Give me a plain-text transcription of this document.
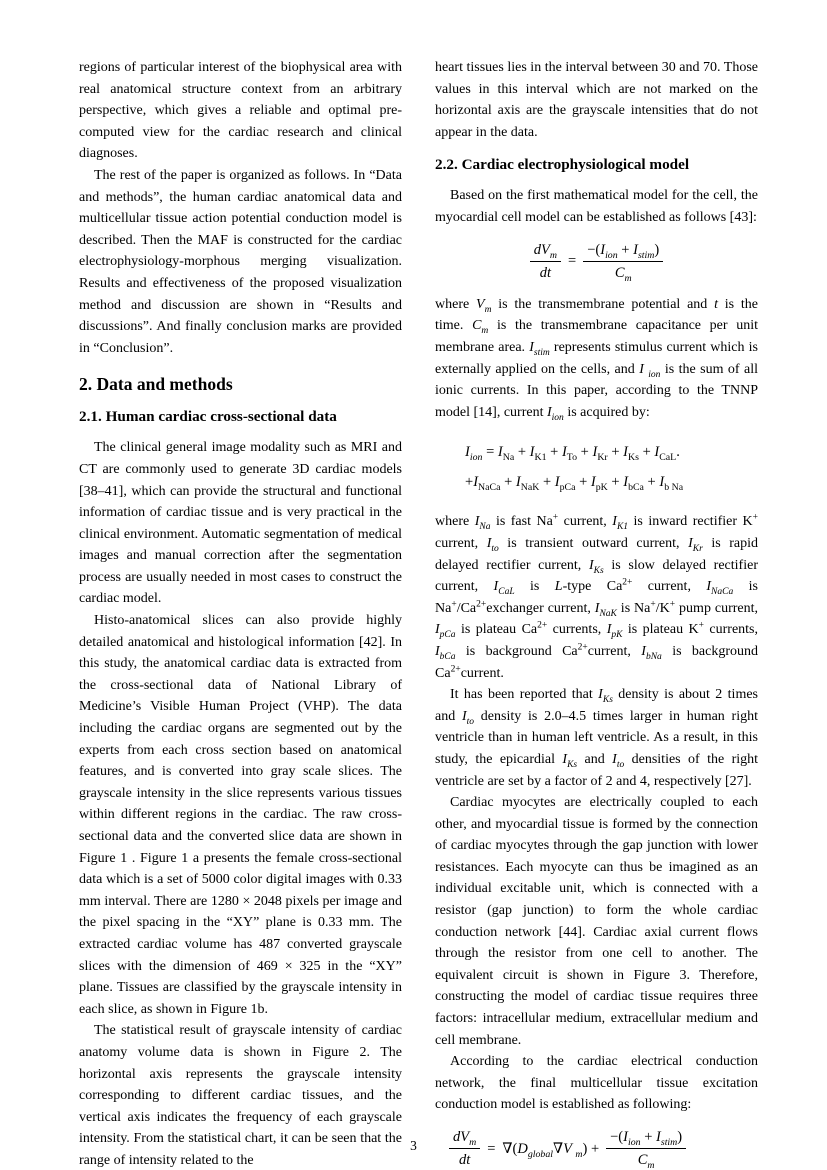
regions of particular interest of the biophysical area with real anatomical structure context from an arbitrary perspective, which gives a reliable and optimal pre-computed view for the cardiac research and clinical diagnoses.

The rest of the paper is organized as follows. In “Data and methods”, the human cardiac anatomical data and multicellular tissue action potential conduction model is described. Then the MAF is constructed for the cardiac electrophysiology-morphous merging visualization. Results and effectiveness of the proposed visualization method and discussion are shown in “Results and discussions”. And finally conclusion marks are provided in “Conclusion”.

2. Data and methods
2.1. Human cardiac cross-sectional data

The clinical general image modality such as MRI and CT are commonly used to generate 3D cardiac models [38–41], which can provide the structural and functional information of cardiac tissue and is very practical in the clinical environment. Automatic segmentation of medical images and manual correction after the segmentation process are usually needed in most cases to construct the cardiac model.

Histo-anatomical slices can also provide highly detailed anatomical and histological information [42]. In this study, the anatomical cardiac data is extracted from the cross-sectional data of National Library of Medicine’s Visible Human Project (VHP). The data including the cardiac organs are segmented out by the experts from each cross section based on anatomical features, and is converted into gray scale slices. The grayscale intensity in the slice represents various tissues within different regions in the cardiac. The raw cross-sectional data and the converted slice data are shown in Figure 1 . Figure 1 a presents the female cross-sectional data which is a set of 5000 color digital images with 0.33 mm interval. There are 1280 × 2048 pixels per image and the pixel spacing in the “XY” plane is 0.33 mm. The extracted cardiac volume has 487 converted grayscale slices with the dimension of 469 × 325 in the “XY” plane. Tissues are classified by the grayscale intensity in each slice, as shown in Figure 1b.

The statistical result of grayscale intensity of cardiac anatomy volume data is shown in Figure 2. The horizontal axis represents the grayscale intensity corresponding to different cardiac tissues, and the vertical axis indicates the frequency of each grayscale intensity. From the statistical chart, it can be seen that the range of intensity related to the

heart tissues lies in the interval between 30 and 70. Those values in this interval which are not marked on the horizontal axis are the grayscale intensities that do not appear in the data.

2.2. Cardiac electrophysiological model

Based on the first mathematical model for the cell, the myocardial cell model can be established as follows [43]:

$\frac{dV_m}{dt} = \frac{-(I_{ion} + I_{stim})}{C_m}$

where $V_m$ is the transmembrane potential and t is the time. $C_m$ is the transmembrane capacitance per unit membrane area. $I_{stim}$ represents stimulus current which is externally applied on the cells, and I $_{ion}$ is the sum of all ionic currents. In this paper, according to the TNNP model [14], current $I_{ion}$ is acquired by:

$I_{ion} = I_{Na} + I_{K1} + I_{To} + I_{Kr} + I_{Ks} + I_{CaL}$.
$+I_{NaCa} + I_{NaK} + I_{pCa} + I_{pK} + I_{bCa} + I_{b Na}$

where $I_{Na}$ is fast Na+ current, $I_{K1}$ is inward rectifier K+ current, $I_{to}$ is transient outward current, $I_{Kr}$ is rapid delayed rectifier current, $I_{Ks}$ is slow delayed rectifier current, $I_{CaL}$ is L-type $Ca^{2+}$ current, $I_{NaCa}$ is $Na^+/Ca^{2+}exchanger$ current, $I_{NaK}$ is Na+/K+ pump current, $I_{pCa}$ is plateau $Ca^{2+}$ currents, $I_{pK}$ is plateau K+ currents, $I_{bCa}$ is background $Ca^{2+}current$, $I_{bNa}$ is background $Ca^{2+}current$.

It has been reported that $I_{Ks}$ density is about 2 times and $I_{to}$ density is 2.0–4.5 times larger in human right ventricle than in human left ventricle. As a result, in this study, the epicardial $I_{Ks}$ and $I_{to}$ densities of the right ventricle are set by a factor of 2 and 4, respectively [27].

Cardiac myocytes are electrically coupled to each other, and myocardial tissue is formed by the connection of cardiac myocytes through the gap junction with lower resistances. Each myocyte can thus be imagined as an individual excitable unit, which is connected with a resistor (gap junction) to form the whole cardiac conduction network [44]. Cardiac axial current flows through the resistor from one cell to another. The equivalent circuit is shown in Figure 3. Therefore, constructing the model of cardiac tissue requires three factors: intracellular medium, extracellular medium and cell membrane.

According to the cardiac electrical conduction network, the final multicellular tissue excitation conduction model is established as following:

$\frac{dV_m}{dt} = \nabla(D_{global}\nabla V$ $_m) + \frac{-(I_{ion} + I_{stim})}{C_m}$
3
